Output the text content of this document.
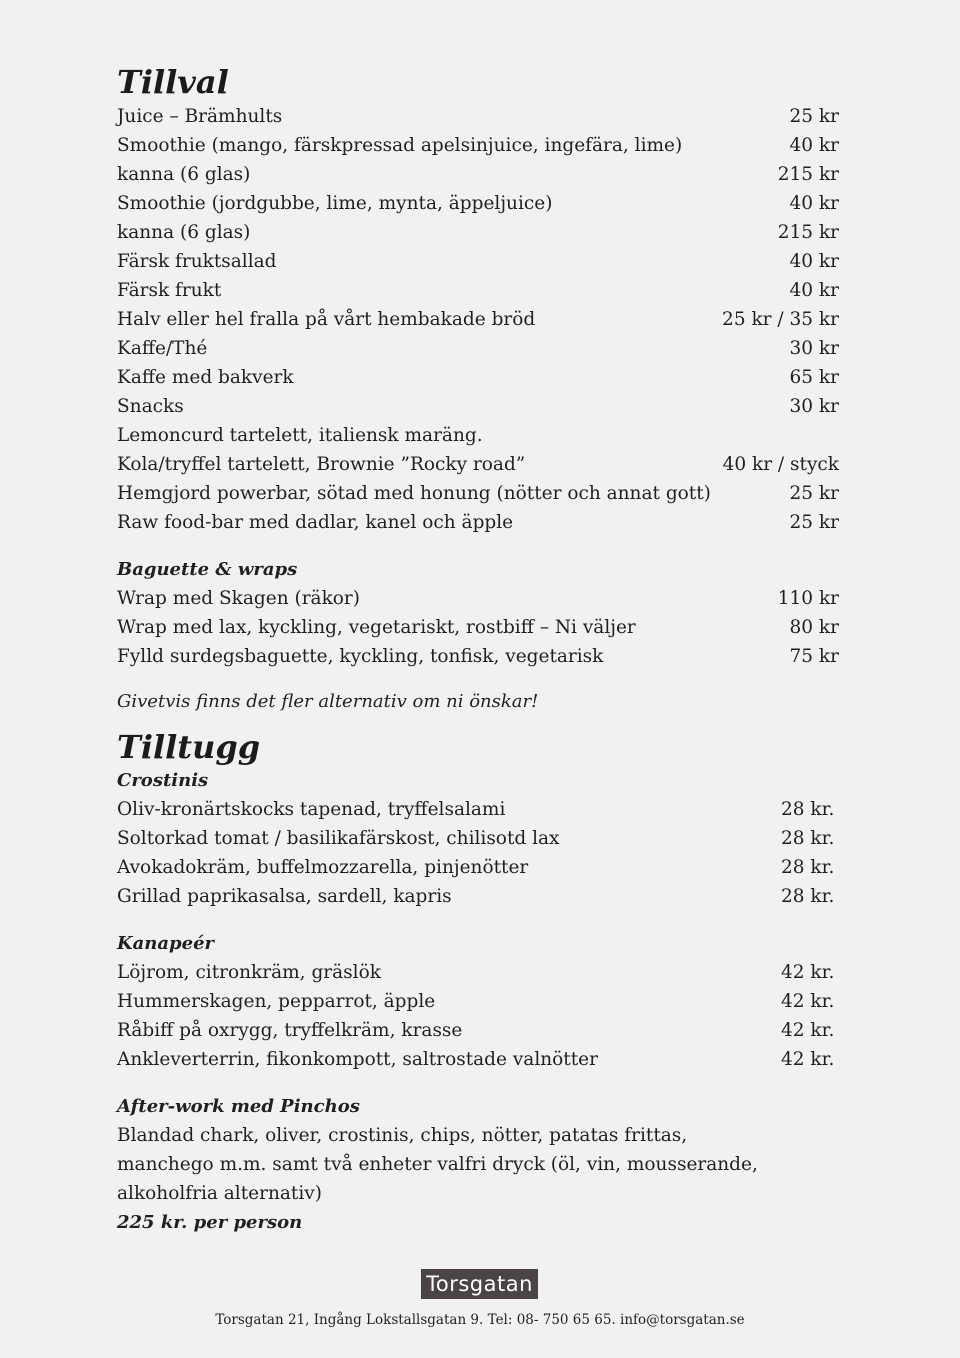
Tillval
Juice – Brämhults	25 kr
Smoothie (mango, färskpressad apelsinjuice, ingefära, lime)	40 kr
kanna (6 glas)	215 kr
Smoothie (jordgubbe, lime, mynta, äppeljuice)	40 kr
kanna (6 glas)	215 kr
Färsk fruktsallad	40 kr
Färsk frukt	40 kr
Halv eller hel fralla på vårt hembakade bröd	25 kr / 35 kr
Kaffe/Thé	30 kr
Kaffe med bakverk	65 kr
Snacks	30 kr
Lemoncurd tartelett, italiensk maräng.
Kola/tryffel tartelett, Brownie ”Rocky road”	40 kr / styck
Hemgjord powerbar, sötad med honung (nötter och annat gott)	25 kr
Raw food-bar med dadlar, kanel och äpple	25 kr
Baguette & wraps
Wrap med Skagen (räkor)	110 kr
Wrap med lax, kyckling, vegetariskt, rostbiff – Ni väljer	80 kr
Fylld surdegsbaguette, kyckling, tonfisk, vegetarisk	75 kr
Givetvis finns det fler alternativ om ni önskar!
Tilltugg
Crostinis
Oliv-kronärtskocks tapenad, tryffelsalami	28 kr.
Soltorkad tomat / basilikafärskost, chilisotd lax	28 kr.
Avokadokräm, buffelmozzarella, pinjenötter	28 kr.
Grillad paprikasalsa, sardell, kapris	28 kr.
Kanapeér
Löjrom, citronkräm, gräslök	42 kr.
Hummerskagen, pepparrot, äpple	42 kr.
Råbiff på oxrygg, tryffelkräm, krasse	42 kr.
Ankleverterrin, fikonkompott, saltrostade valnötter	42 kr.
After-work med Pinchos
Blandad chark, oliver, crostinis, chips, nötter, patatas frittas,
manchego m.m. samt två enheter valfri dryck (öl, vin, mousserande,
alkoholfria alternativ)
225 kr. per person
Torsgatan
Torsgatan 21, Ingång Lokstallsgatan 9. Tel: 08- 750 65 65. info@torsgatan.se
